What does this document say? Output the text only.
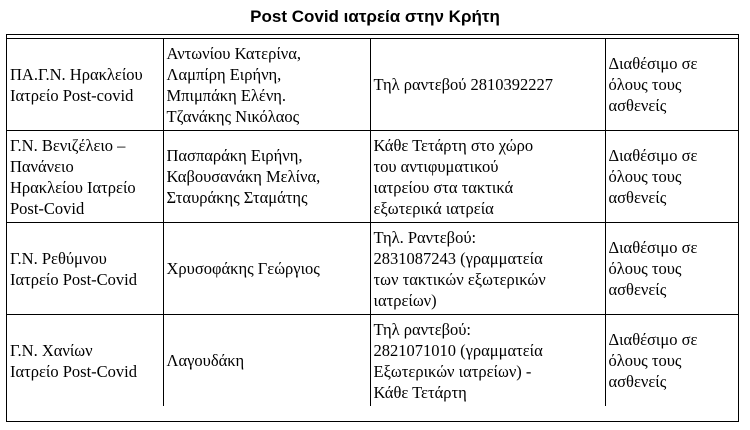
Post Covid ιατρεία στην Κρήτη
ΠΑ.Γ.Ν. Ηρακλείου
Ιατρείο Post-covid	Αντωνίου Κατερίνα,
Λαμπίρη Ειρήνη,
Μπιμπάκη Ελένη.
Τζανάκης Νικόλαος	Τηλ ραντεβού 2810392227	Διαθέσιμο σε
όλους τους
ασθενείς
Γ.Ν. Βενιζέλειο –
Πανάνειο
Ηρακλείου Ιατρείο
Post-Covid	Πασπαράκη Ειρήνη,
Καβουσανάκη Μελίνα,
Σταυράκης Σταμάτης	Κάθε Τετάρτη στο χώρο
του αντιφυματικού
ιατρείου στα τακτικά
εξωτερικά ιατρεία	Διαθέσιμο σε
όλους τους
ασθενείς
Γ.Ν. Ρεθύμνου
Ιατρείο Post-Covid	Χρυσοφάκης Γεώργιος	Τηλ. Ραντεβού:
2831087243 (γραμματεία
των τακτικών εξωτερικών
ιατρείων)	Διαθέσιμο σε
όλους τους
ασθενείς
Γ.Ν. Χανίων
Ιατρείο Post-Covid	Λαγουδάκη	Τηλ ραντεβού:
2821071010 (γραμματεία
Εξωτερικών ιατρείων) -
Κάθε Τετάρτη	Διαθέσιμο σε
όλους τους
ασθενείς
